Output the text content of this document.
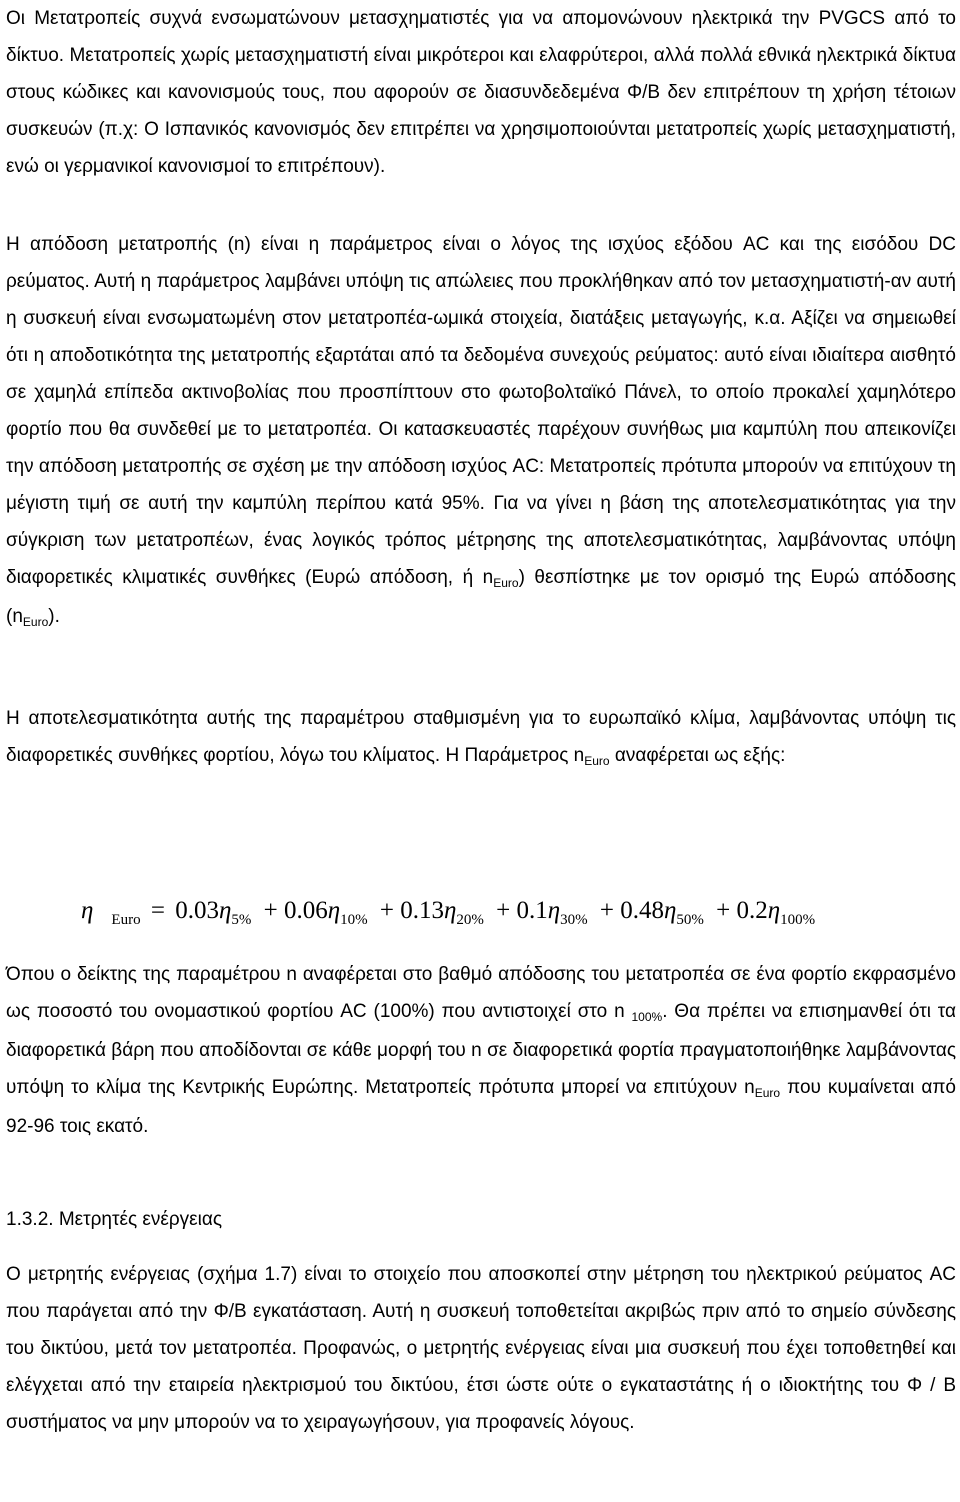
Οι Μετατροπείς συχνά ενσωματώνουν μετασχηματιστές για να απομονώνουν ηλεκτρικά την PVGCS από το δίκτυο. Μετατροπείς χωρίς μετασχηματιστή είναι μικρότεροι και ελαφρύτεροι, αλλά πολλά εθνικά ηλεκτρικά δίκτυα στους κώδικες και κανονισμούς τους, που αφορούν σε διασυνδεδεμένα Φ/Β δεν επιτρέπουν τη χρήση τέτοιων συσκευών (π.χ: Ο Ισπανικός κανονισμός δεν επιτρέπει να χρησιμοποιούνται μετατροπείς χωρίς μετασχηματιστή, ενώ οι γερμανικοί κανονισμοί το επιτρέπουν).

Η απόδοση μετατροπής (n) είναι η παράμετρος είναι ο λόγος της ισχύος εξόδου AC και της εισόδου DC ρεύματος. Αυτή η παράμετρος λαμβάνει υπόψη τις απώλειες που προκλήθηκαν από τον μετασχηματιστή-αν αυτή η συσκευή είναι ενσωματωμένη στον μετατροπέα-ωμικά στοιχεία, διατάξεις μεταγωγής, κ.α. Αξίζει να σημειωθεί ότι η αποδοτικότητα της μετατροπής εξαρτάται από τα δεδομένα συνεχούς ρεύματος: αυτό είναι ιδιαίτερα αισθητό σε χαμηλά επίπεδα ακτινοβολίας που προσπίπτουν στο φωτοβολταϊκό Πάνελ, το οποίο προκαλεί χαμηλότερο φορτίο που θα συνδεθεί με το μετατροπέα. Οι κατασκευαστές παρέχουν συνήθως μια καμπύλη που απεικονίζει την απόδοση μετατροπής σε σχέση με την απόδοση ισχύος AC: Μετατροπείς πρότυπα μπορούν να επιτύχουν τη μέγιστη τιμή σε αυτή την καμπύλη περίπου κατά 95%. Για να γίνει η βάση της αποτελεσματικότητας για την σύγκριση των μετατροπέων, ένας λογικός τρόπος μέτρησης της αποτελεσματικότητας, λαμβάνοντας υπόψη διαφορετικές κλιματικές συνθήκες (Ευρώ απόδοση, ή $n_{Euro}$) θεσπίστηκε με τον ορισμό της Ευρώ απόδοσης $(n_{Euro})$.

Η αποτελεσματικότητα αυτής της παραμέτρου σταθμισμένη για το ευρωπαϊκό κλίμα, λαμβάνοντας υπόψη τις διαφορετικές συνθήκες φορτίου, λόγω του κλίματος. Η Παράμετρος $n_{Euro}$ αναφέρεται ως εξής:

η $_{Euro} = 0.03\eta_{5\%} + 0.06\eta_{10\%} + 0.13\eta_{20\%} + 0.1\eta_{30\%} + 0.48\eta_{50\%} + 0.2\eta_{100\%}$

Όπου ο δείκτης της παραμέτρου n αναφέρεται στο βαθμό απόδοσης του μετατροπέα σε ένα φορτίο εκφρασμένο ως ποσοστό του ονομαστικού φορτίου AC (100%) που αντιστοιχεί στο n $_{100\%}$. Θα πρέπει να επισημανθεί ότι τα διαφορετικά βάρη που αποδίδονται σε κάθε μορφή του n σε διαφορετικά φορτία πραγματοποιήθηκε λαμβάνοντας υπόψη το κλίμα της Κεντρικής Ευρώπης. Μετατροπείς πρότυπα μπορεί να επιτύχουν $n_{Euro}$ που κυμαίνεται από 92-96 τοις εκατό.

1.3.2. Μετρητές ενέργειας

Ο μετρητής ενέργειας (σχήμα 1.7) είναι το στοιχείο που αποσκοπεί στην μέτρηση του ηλεκτρικού ρεύματος AC που παράγεται από την Φ/Β εγκατάσταση. Αυτή η συσκευή τοποθετείται ακριβώς πριν από το σημείο σύνδεσης του δικτύου, μετά τον μετατροπέα. Προφανώς, ο μετρητής ενέργειας είναι μια συσκευή που έχει τοποθετηθεί και ελέγχεται από την εταιρεία ηλεκτρισμού του δικτύου, έτσι ώστε ούτε ο εγκαταστάτης ή ο ιδιοκτήτης του Φ / Β συστήματος να μην μπορούν να το χειραγωγήσουν, για προφανείς λόγους.
